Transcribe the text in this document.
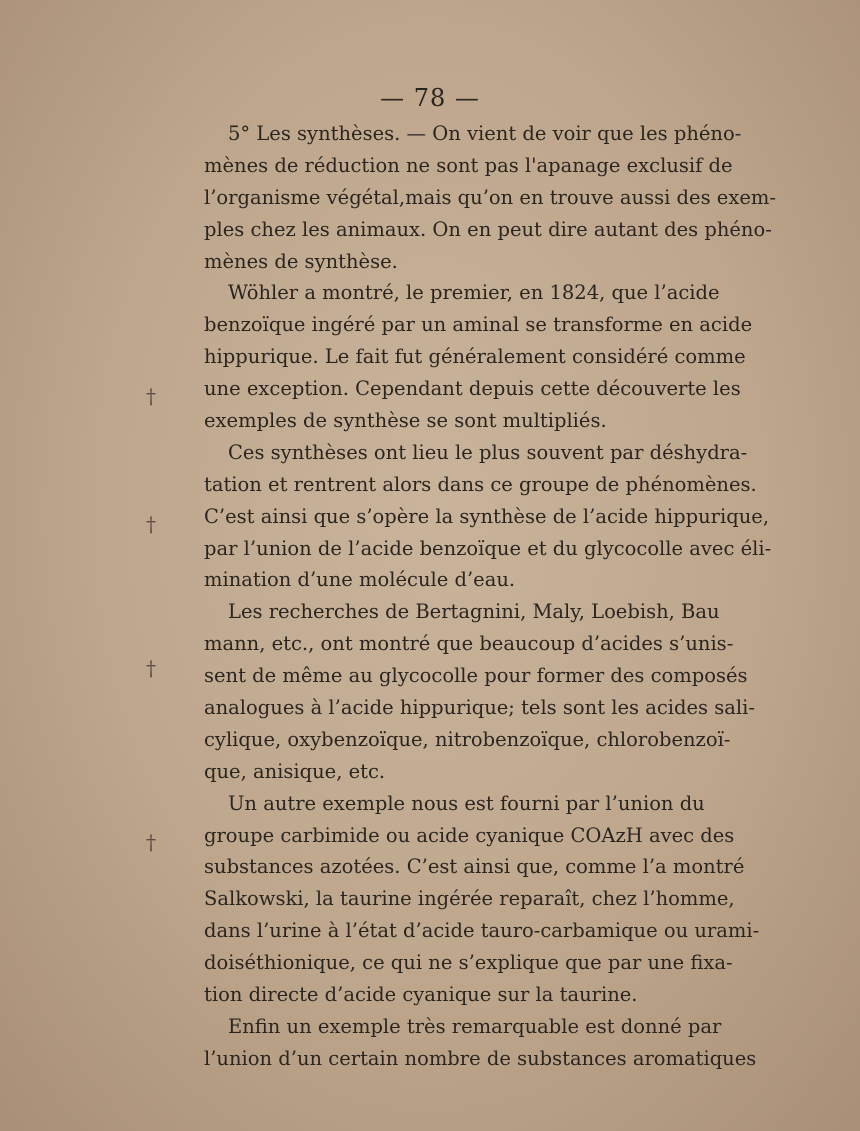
— 78 —
†
†
†
†
5° Les synthèses. — On vient de voir que les phéno-
mènes de réduction ne sont pas l'apanage exclusif de
l’organisme végétal,mais qu’on en trouve aussi des exem-
ples chez les animaux. On en peut dire autant des phéno-
mènes de synthèse.
Wöhler a montré, le premier, en 1824, que l’acide
benzoïque ingéré par un aminal se transforme en acide
hippurique. Le fait fut généralement considéré comme
une exception. Cependant depuis cette découverte les
exemples de synthèse se sont multipliés.
Ces synthèses ont lieu le plus souvent par déshydra-
tation et rentrent alors dans ce groupe de phénomènes.
C’est ainsi que s’opère la synthèse de l’acide hippurique,
par l’union de l’acide benzoïque et du glycocolle avec éli-
mination d’une molécule d’eau.
Les recherches de Bertagnini, Maly, Loebish, Bau
mann, etc., ont montré que beaucoup d’acides s’unis-
sent de même au glycocolle pour former des composés
analogues à l’acide hippurique; tels sont les acides sali-
cylique, oxybenzoïque, nitrobenzoïque, chlorobenzoï-
que, anisique, etc.
Un autre exemple nous est fourni par l’union du
groupe carbimide ou acide cyanique COAzH avec des
substances azotées. C’est ainsi que, comme l’a montré
Salkowski, la taurine ingérée reparaît, chez l’homme,
dans l’urine à l’état d’acide tauro-carbamique ou urami-
doiséthionique, ce qui ne s’explique que par une fixa-
tion directe d’acide cyanique sur la taurine.
Enfin un exemple très remarquable est donné par
l’union d’un certain nombre de substances aromatiques
